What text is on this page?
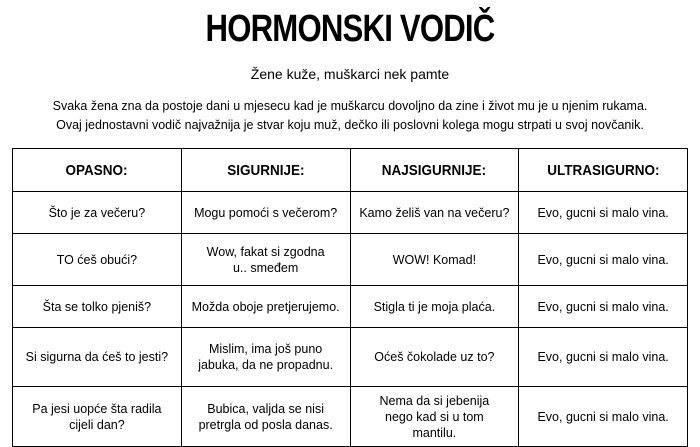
HORMONSKI VODIČ
Žene kuže, muškarci nek pamte
Svaka žena zna da postoje dani u mjesecu kad je muškarcu dovoljno da zine i život mu je u njenim rukama.
Ovaj jednostavni vodič najvažnija je stvar koju muž, dečko ili poslovni kolega mogu strpati u svoj novčanik.
OPASNO:	SIGURNIJE:	NAJSIGURNIJE:	ULTRASIGURNO:
Što je za večeru?	Mogu pomoći s večerom?	Kamo želiš van na večeru?	Evo, gucni si malo vina.
TO ćeš obući?	Wow, fakat si zgodna u.. smeđem	WOW! Komad!	Evo, gucni si malo vina.
Šta se tolko pjeniš?	Možda oboje pretjerujemo.	Stigla ti je moja plaća.	Evo, gucni si malo vina.
Si sigurna da ćeš to jesti?	Mislim, ima još puno jabuka, da ne propadnu.	Oćeš čokolade uz to?	Evo, gucni si malo vina.
Pa jesi uopće šta radila cijeli dan?	Bubica, valjda se nisi pretrgla od posla danas.	Nema da si jebenija nego kad si u tom mantilu.	Evo, gucni si malo vina.
